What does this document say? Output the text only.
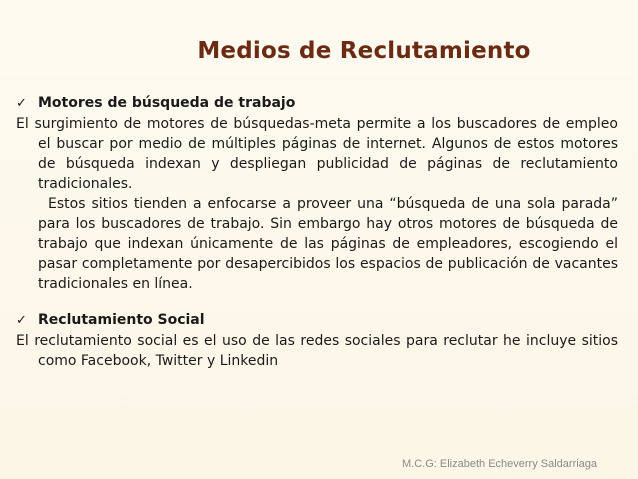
Medios de Reclutamiento
✓ Motores de búsqueda de trabajo

El surgimiento de motores de búsquedas-meta permite a los buscadores de empleo el buscar por medio de múltiples páginas de internet. Algunos de estos motores de búsqueda indexan y despliegan publicidad de páginas de reclutamiento tradicionales.

Estos sitios tienden a enfocarse a proveer una “búsqueda de una sola parada” para los buscadores de trabajo. Sin embargo hay otros motores de búsqueda de trabajo que indexan únicamente de las páginas de empleadores, escogiendo el pasar completamente por desapercibidos los espacios de publicación de vacantes tradicionales en línea.

✓ Reclutamiento Social

El reclutamiento social es el uso de las redes sociales para reclutar he incluye sitios como Facebook, Twitter y Linkedin

M.C.G: Elizabeth Echeverry Saldarriaga
